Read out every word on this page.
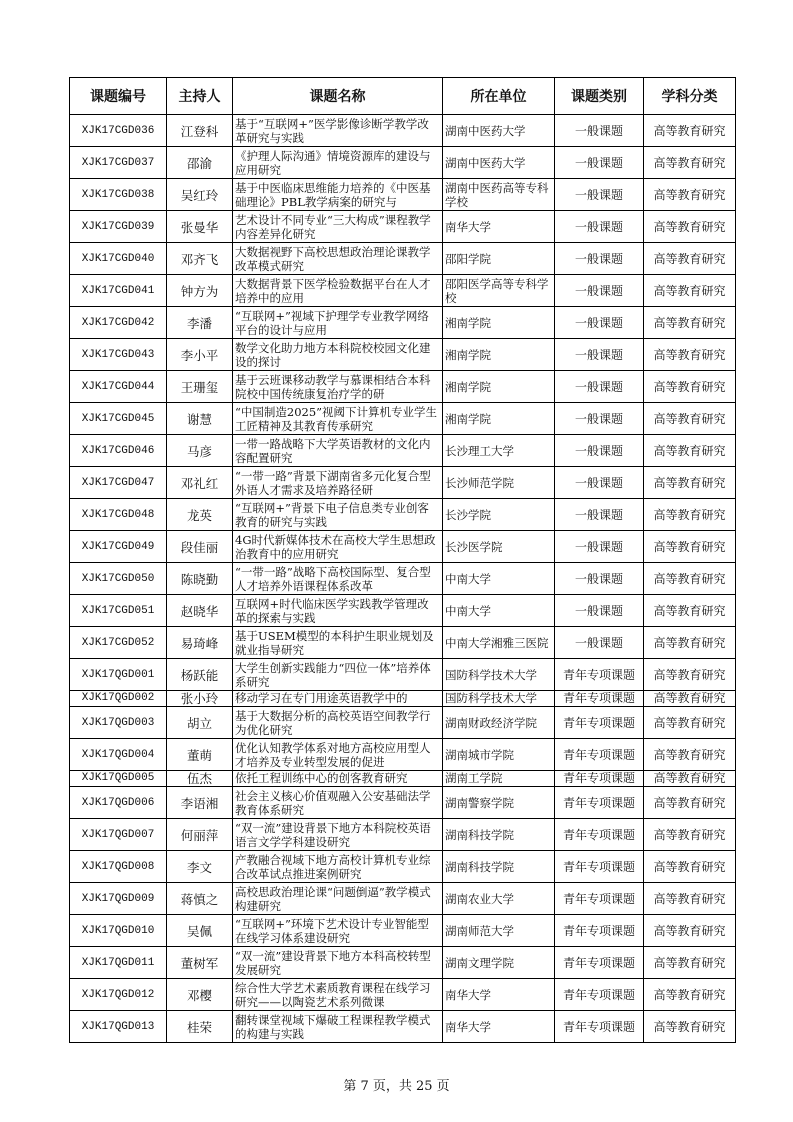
课题编号	主持人	课题名称	所在单位	课题类别	学科分类
XJK17CGD036	江登科	基于“互联网+”医学影像诊断学教学改革研究与实践	湖南中医药大学	一般课题	高等教育研究
XJK17CGD037	邵渝	《护理人际沟通》情境资源库的建设与应用研究	湖南中医药大学	一般课题	高等教育研究
XJK17CGD038	吴红玲	基于中医临床思维能力培养的《中医基础理论》PBL教学病案的研究与	湖南中医药高等专科学校	一般课题	高等教育研究
XJK17CGD039	张曼华	艺术设计不同专业“三大构成”课程教学内容差异化研究	南华大学	一般课题	高等教育研究
XJK17CGD040	邓齐飞	大数据视野下高校思想政治理论课教学改革模式研究	邵阳学院	一般课题	高等教育研究
XJK17CGD041	钟方为	大数据背景下医学检验数据平台在人才培养中的应用	邵阳医学高等专科学校	一般课题	高等教育研究
XJK17CGD042	李潘	“互联网+”视域下护理学专业教学网络平台的设计与应用	湘南学院	一般课题	高等教育研究
XJK17CGD043	李小平	数学文化助力地方本科院校校园文化建设的探讨	湘南学院	一般课题	高等教育研究
XJK17CGD044	王珊玺	基于云班课移动教学与慕课相结合本科院校中国传统康复治疗学的研	湘南学院	一般课题	高等教育研究
XJK17CGD045	谢慧	“中国制造2025”视阈下计算机专业学生工匠精神及其教育传承研究	湘南学院	一般课题	高等教育研究
XJK17CGD046	马彦	一带一路战略下大学英语教材的文化内容配置研究	长沙理工大学	一般课题	高等教育研究
XJK17CGD047	邓礼红	“一带一路”背景下湖南省多元化复合型外语人才需求及培养路径研	长沙师范学院	一般课题	高等教育研究
XJK17CGD048	龙英	“互联网+”背景下电子信息类专业创客教育的研究与实践	长沙学院	一般课题	高等教育研究
XJK17CGD049	段佳丽	4G时代新媒体技术在高校大学生思想政治教育中的应用研究	长沙医学院	一般课题	高等教育研究
XJK17CGD050	陈晓勤	“一带一路”战略下高校国际型、复合型人才培养外语课程体系改革	中南大学	一般课题	高等教育研究
XJK17CGD051	赵晓华	互联网+时代临床医学实践教学管理改革的探索与实践	中南大学	一般课题	高等教育研究
XJK17CGD052	易琦峰	基于USEM模型的本科护生职业规划及就业指导研究	中南大学湘雅三医院	一般课题	高等教育研究
XJK17QGD001	杨跃能	大学生创新实践能力“四位一体”培养体系研究	国防科学技术大学	青年专项课题	高等教育研究

XJK17QGD002	张小玲	移动学习在专门用途英语教学中的	国防科学技术大学	青年专项课题	高等教育研究

XJK17QGD003	胡立	基于大数据分析的高校英语空间教学行为优化研究	湖南财政经济学院	青年专项课题	高等教育研究
XJK17QGD004	董萌	优化认知教学体系对地方高校应用型人才培养及专业转型发展的促进	湖南城市学院	青年专项课题	高等教育研究

XJK17QGD005	伍杰	依托工程训练中心的创客教育研究	湖南工学院	青年专项课题	高等教育研究

XJK17QGD006	李语湘	社会主义核心价值观融入公安基础法学教育体系研究	湖南警察学院	青年专项课题	高等教育研究
XJK17QGD007	何丽萍	“双一流”建设背景下地方本科院校英语语言文学学科建设研究	湖南科技学院	青年专项课题	高等教育研究
XJK17QGD008	李文	产教融合视域下地方高校计算机专业综合改革试点推进案例研究	湖南科技学院	青年专项课题	高等教育研究
XJK17QGD009	蒋慎之	高校思政治理论课“问题倒逼”教学模式构建研究	湖南农业大学	青年专项课题	高等教育研究
XJK17QGD010	吴佩	“互联网+”环境下艺术设计专业智能型在线学习体系建设研究	湖南师范大学	青年专项课题	高等教育研究
XJK17QGD011	董树军	“双一流”建设背景下地方本科高校转型发展研究	湖南文理学院	青年专项课题	高等教育研究
XJK17QGD012	邓樱	综合性大学艺术素质教育课程在线学习研究——以陶瓷艺术系列微课	南华大学	青年专项课题	高等教育研究
XJK17QGD013	桂荣	翻转课堂视域下爆破工程课程教学模式的构建与实践	南华大学	青年专项课题	高等教育研究
第 7 页，共 25 页
